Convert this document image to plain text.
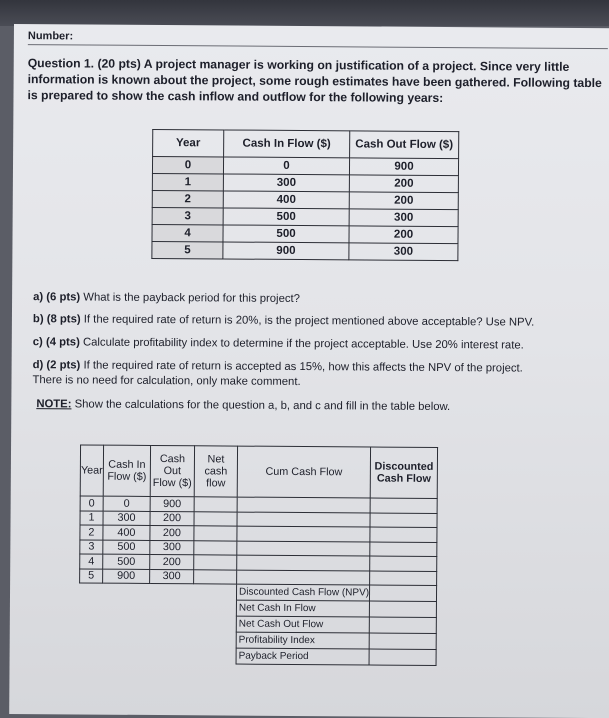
Number:
Question 1. (20 pts) A project manager is working on justification of a project. Since very little information is known about the project, some rough estimates have been gathered. Following table is prepared to show the cash inflow and outflow for the following years:
Year	Cash In Flow ($)	Cash Out Flow ($)
0	0	900
1	300	200
2	400	200
3	500	300
4	500	200
5	900	300

a) (6 pts) What is the payback period for this project?

b) (8 pts) If the required rate of return is 20%, is the project mentioned above acceptable? Use NPV.

c) (4 pts) Calculate profitability index to determine if the project acceptable. Use 20% interest rate.

d) (2 pts) If the required rate of return is accepted as 15%, how this affects the NPV of the project.

There is no need for calculation, only make comment.

NOTE: Show the calculations for the question a, b, and c and fill in the table below.

Year	Cash In Flow ($)	Cash Out Flow ($)	Net cash flow	Cum Cash Flow	Discounted Cash Flow
0	0	900			
1	300	200			
2	400	200			
3	500	300			
4	500	200			
5	900	300			
				Discounted Cash Flow (NPV)	
				Net Cash In Flow	
				Net Cash Out Flow	
				Profitability Index	
				Payback Period	
